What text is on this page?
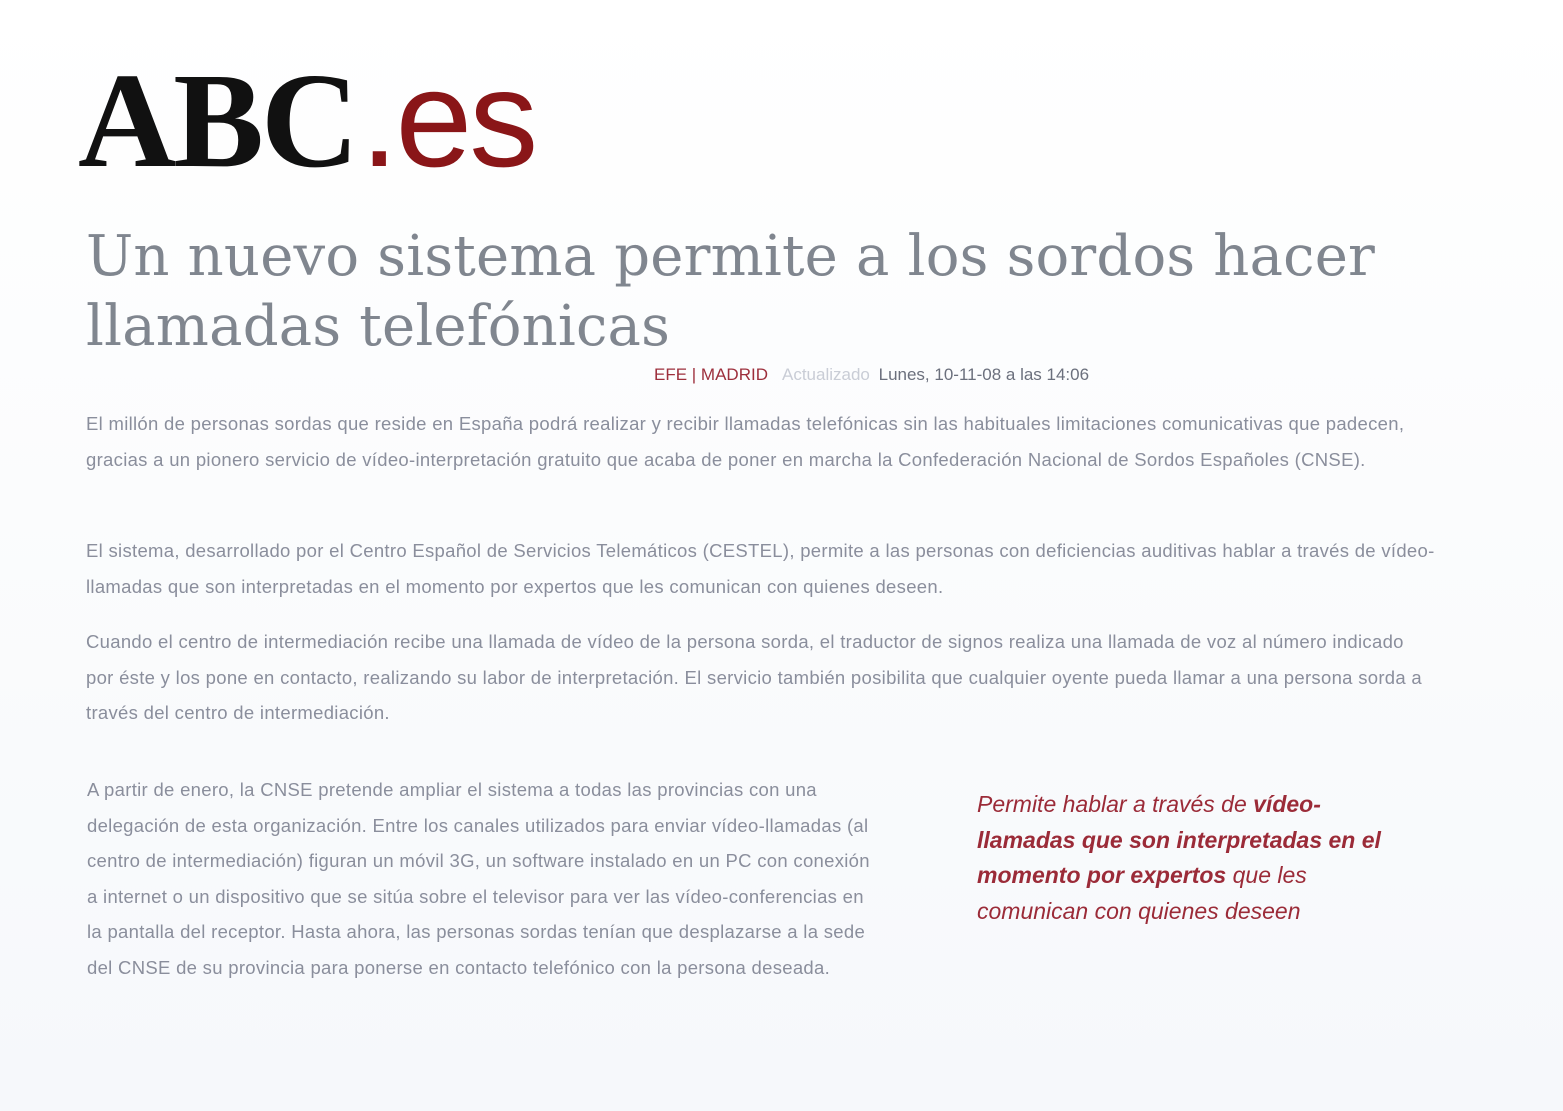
ABC .es
Un nuevo sistema permite a los sordos hacer llamadas telefónicas
EFE | MADRID Actualizado Lunes, 10-11-08 a las 14:06

El millón de personas sordas que reside en España podrá realizar y recibir llamadas telefónicas sin las habituales limitaciones comunicativas que padecen, gracias a un pionero servicio de vídeo-interpretación gratuito que acaba de poner en marcha la Confederación Nacional de Sordos Españoles (CNSE).

El sistema, desarrollado por el Centro Español de Servicios Telemáticos (CESTEL), permite a las personas con deficiencias auditivas hablar a través de vídeo-llamadas que son interpretadas en el momento por expertos que les comunican con quienes deseen.

Cuando el centro de intermediación recibe una llamada de vídeo de la persona sorda, el traductor de signos realiza una llamada de voz al número indicado por éste y los pone en contacto, realizando su labor de interpretación. El servicio también posibilita que cualquier oyente pueda llamar a una persona sorda a través del centro de intermediación.

A partir de enero, la CNSE pretende ampliar el sistema a todas las provincias con una delegación de esta organización. Entre los canales utilizados para enviar vídeo-llamadas (al centro de intermediación) figuran un móvil 3G, un software instalado en un PC con conexión a internet o un dispositivo que se sitúa sobre el televisor para ver las vídeo-conferencias en la pantalla del receptor. Hasta ahora, las personas sordas tenían que desplazarse a la sede del CNSE de su provincia para ponerse en contacto telefónico con la persona deseada.

Permite hablar a través de vídeo-llamadas que son interpretadas en el momento por expertos que les comunican con quienes deseen
